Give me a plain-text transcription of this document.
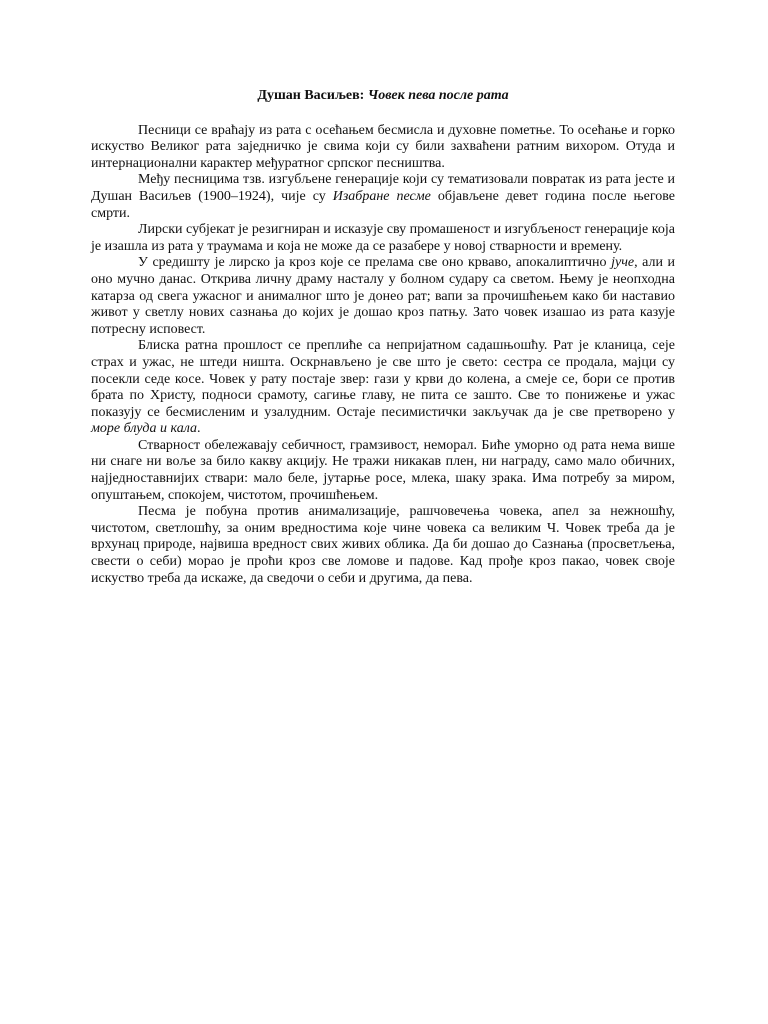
Душан Васиљев: Човек пева после рата

Песници се враћају из рата с осећањем бесмисла и духовне пометње. То осећање и горко искуство Великог рата заједничко је свима који су били захваћени ратним вихором. Отуда и интернационални карактер међуратног српског песништва.

Међу песницима тзв. изгубљене генерације који су тематизовали повратак из рата јесте и Душан Васиљев (1900–1924), чије су Изабране песме објављене девет година после његове смрти.

Лирски субјекат је резигниран и исказује сву промашеност и изгубљеност генерације која је изашла из рата у траумама и која не може да се разабере у новој стварности и времену.

У средишту је лирско ја кроз које се прелама све оно крваво, апокалиптично јуче, али и оно мучно данас. Открива личну драму насталу у болном судару са светом. Њему је неопходна катарза од свега ужасног и анималног што је донео рат; вапи за прочишћењем како би наставио живот у светлу нових сазнања до којих је дошао кроз патњу. Зато човек изашао из рата казује потресну исповест.

Блиска ратна прошлост се преплиће са непријатном садашњошћу. Рат је кланица, сеје страх и ужас, не штеди ништа. Оскрнављено је све што је свето: сестра се продала, мајци су посекли седе косе. Човек у рату постаје звер: гази у крви до колена, а смеје се, бори се против брата по Христу, подноси срамоту, сагиње главу, не пита се зашто. Све то понижење и ужас показују се бесмисленим и узалудним. Остаје песимистички закључак да је све претворено у море блуда и кала.

Стварност обележавају себичност, грамзивост, неморал. Биће уморно од рата нема више ни снаге ни воље за било какву акцију. Не тражи никакав плен, ни награду, само мало обичних, најједноставнијих ствари: мало беле, јутарње росе, млека, шаку зрака. Има потребу за миром, опуштањем, спокојем, чистотом, прочишћењем.

Песма је побуна против анимализације, рашчовечења човека, апел за нежношћу, чистотом, светлошћу, за оним вредностима које чине човека са великим Ч. Човек треба да је врхунац природе, највиша вредност свих живих облика. Да би дошао до Сазнања (просветљења, свести о себи) морао је проћи кроз све ломове и падове. Кад прође кроз пакао, човек своје искуство треба да искаже, да сведочи о себи и другима, да пева.
